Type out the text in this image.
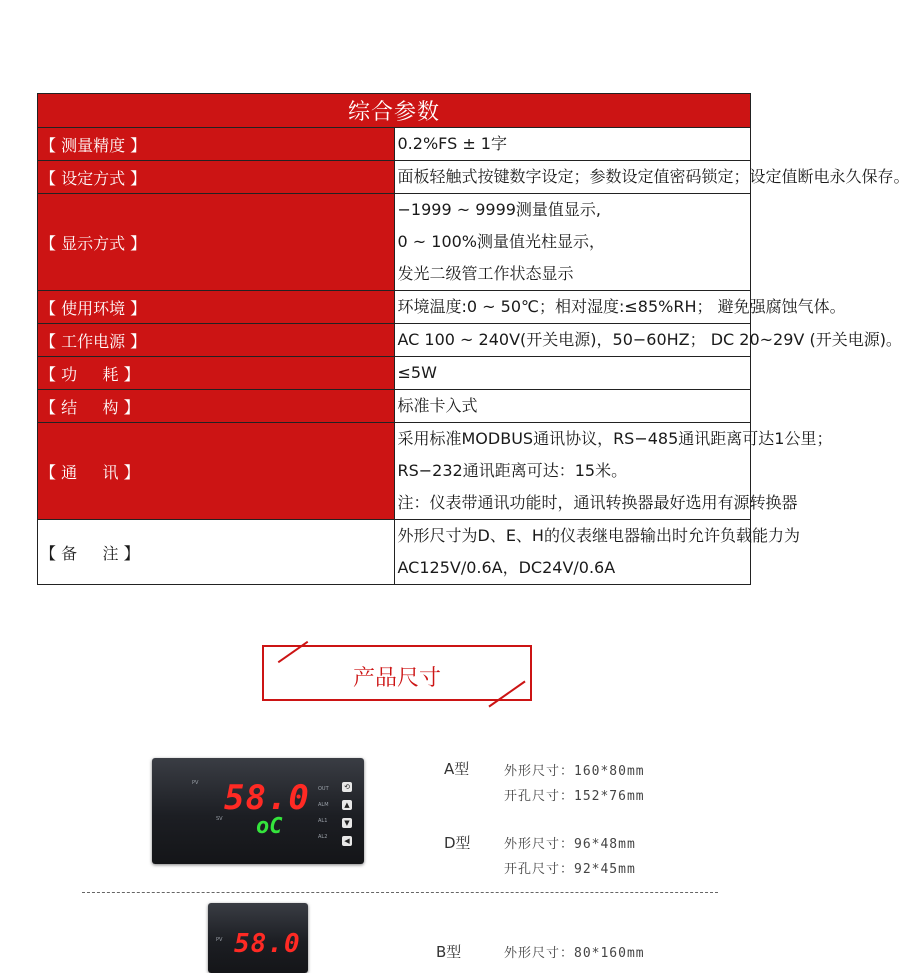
综合参数	
【 测量精度 】	0.2%FS ± 1字

【 设定方式 】	面板轻触式按键数字设定；参数设定值密码锁定；设定值断电永久保存。

【 显示方式 】	−1999 ~ 9999测量值显示,
0 ~ 100%测量值光柱显示，
发光二级管工作状态显示

【 使用环境 】	环境温度:0 ~ 50℃；相对湿度:≤85%RH； 避免强腐蚀气体。

【 工作电源 】	AC 100 ~ 240V(开关电源)，50−60HZ； DC 20~29V (开关电源)。

【 功     耗 】	≤5W

【 结     构 】	标准卡入式

【 通     讯 】	采用标准MODBUS通讯协议，RS−485通讯距离可达1公里；
RS−232通讯距离可达：15米。
注：仪表带通讯功能时，通讯转换器最好选用有源转换器

【 备     注 】	外形尺寸为D、E、H的仪表继电器输出时允许负载能力为
AC125V/0.6A，DC24V/0.6A
产品尺寸
PV 58.0
SV oC
OUT
ALM
AL1
AL2
⟲
▲
▼
◀
A型	外形尺寸：160*80mm
开孔尺寸：152*76mm
D型	外形尺寸：96*48mm
开孔尺寸：92*45mm
PV 58.0	B型	外形尺寸：80*160mm
